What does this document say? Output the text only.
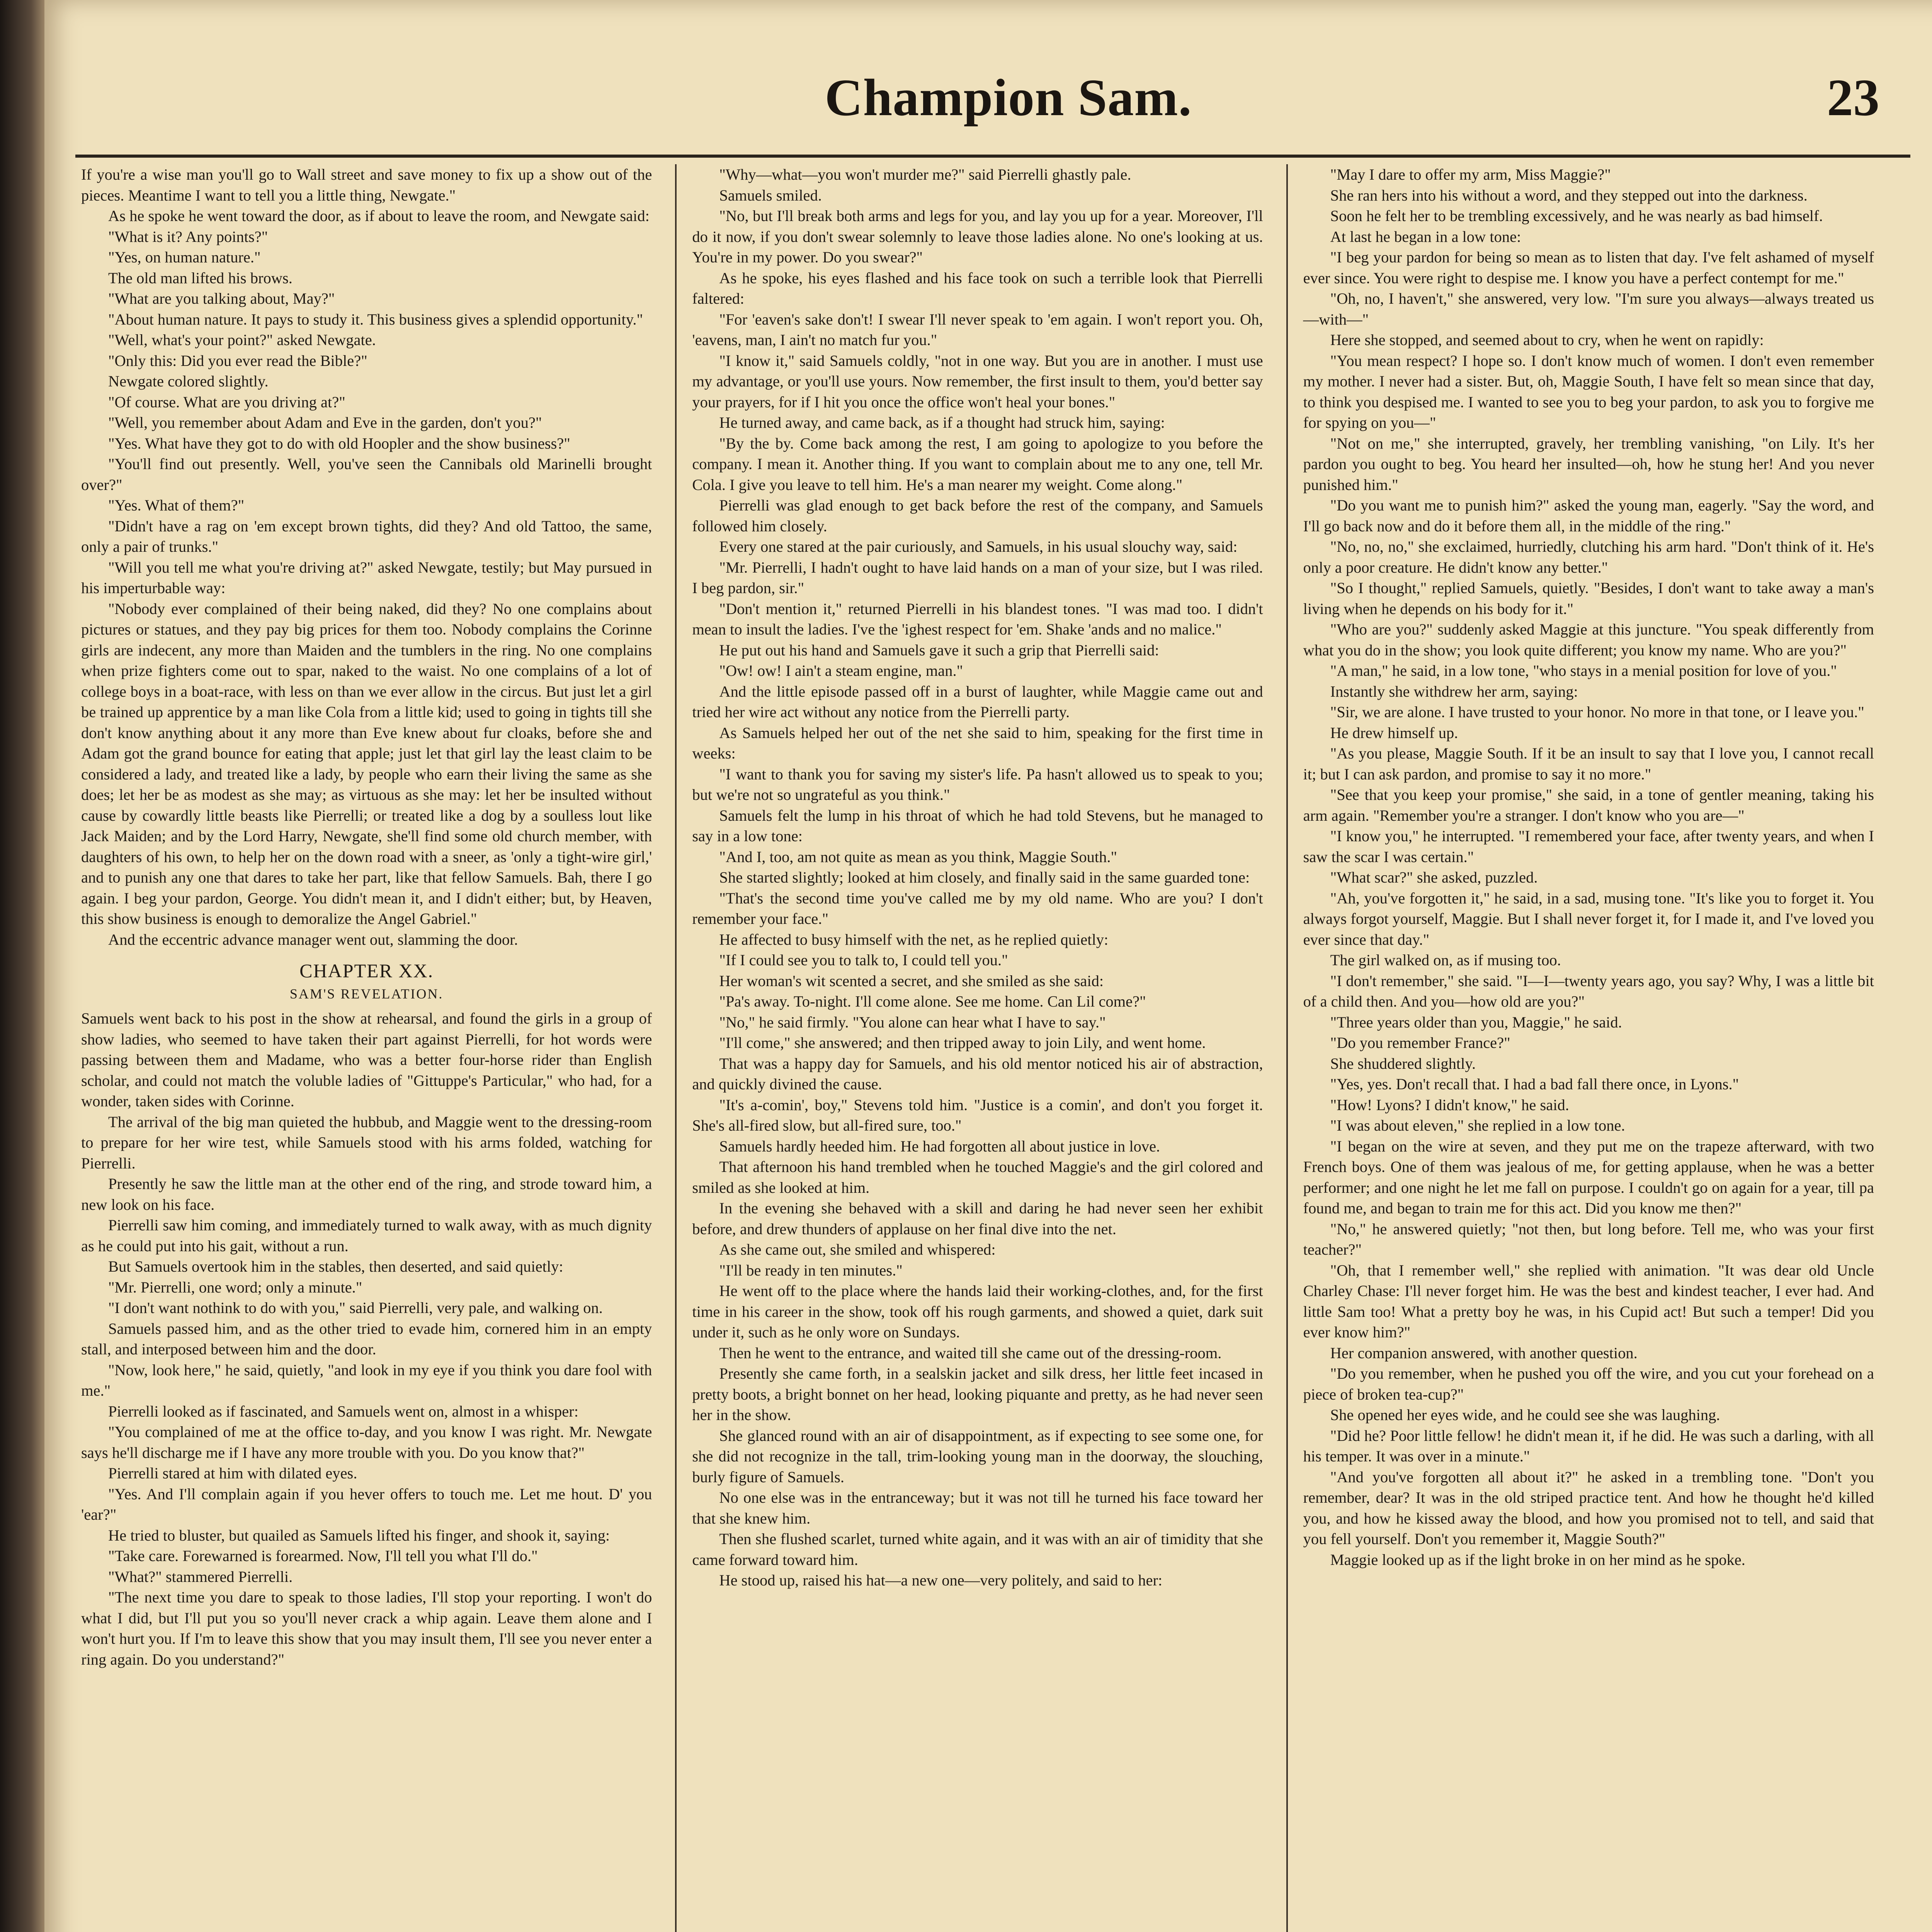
Champion Sam.	23

If you're a wise man you'll go to Wall street and save money to fix up a show out of the pieces. Meantime I want to tell you a little thing, Newgate."

As he spoke he went toward the door, as if about to leave the room, and Newgate said:

"What is it? Any points?"

"Yes, on human nature."

The old man lifted his brows.

"What are you talking about, May?"

"About human nature. It pays to study it. This business gives a splendid opportunity."

"Well, what's your point?" asked Newgate.

"Only this: Did you ever read the Bible?"

Newgate colored slightly.

"Of course. What are you driving at?"

"Well, you remember about Adam and Eve in the garden, don't you?"

"Yes. What have they got to do with old Hoopler and the show business?"

"You'll find out presently. Well, you've seen the Cannibals old Marinelli brought over?"

"Yes. What of them?"

"Didn't have a rag on 'em except brown tights, did they? And old Tattoo, the same, only a pair of trunks."

"Will you tell me what you're driving at?" asked Newgate, testily; but May pursued in his imperturbable way:

"Nobody ever complained of their being naked, did they? No one complains about pictures or statues, and they pay big prices for them too. Nobody complains the Corinne girls are indecent, any more than Maiden and the tumblers in the ring. No one complains when prize fighters come out to spar, naked to the waist. No one complains of a lot of college boys in a boat-race, with less on than we ever allow in the circus. But just let a girl be trained up apprentice by a man like Cola from a little kid; used to going in tights till she don't know anything about it any more than Eve knew about fur cloaks, before she and Adam got the grand bounce for eating that apple; just let that girl lay the least claim to be considered a lady, and treated like a lady, by people who earn their living the same as she does; let her be as modest as she may; as virtuous as she may: let her be insulted without cause by cowardly little beasts like Pierrelli; or treated like a dog by a soulless lout like Jack Maiden; and by the Lord Harry, Newgate, she'll find some old church member, with daughters of his own, to help her on the down road with a sneer, as 'only a tight-wire girl,' and to punish any one that dares to take her part, like that fellow Samuels. Bah, there I go again. I beg your pardon, George. You didn't mean it, and I didn't either; but, by Heaven, this show business is enough to demoralize the Angel Gabriel."

And the eccentric advance manager went out, slamming the door.

CHAPTER XX.
SAM'S REVELATION.

Samuels went back to his post in the show at rehearsal, and found the girls in a group of show ladies, who seemed to have taken their part against Pierrelli, for hot words were passing between them and Madame, who was a better four-horse rider than English scholar, and could not match the voluble ladies of "Gittuppe's Particular," who had, for a wonder, taken sides with Corinne.

The arrival of the big man quieted the hubbub, and Maggie went to the dressing-room to prepare for her wire test, while Samuels stood with his arms folded, watching for Pierrelli.

Presently he saw the little man at the other end of the ring, and strode toward him, a new look on his face.

Pierrelli saw him coming, and immediately turned to walk away, with as much dignity as he could put into his gait, without a run.

But Samuels overtook him in the stables, then deserted, and said quietly:

"Mr. Pierrelli, one word; only a minute."

"I don't want nothink to do with you," said Pierrelli, very pale, and walking on.

Samuels passed him, and as the other tried to evade him, cornered him in an empty stall, and interposed between him and the door.

"Now, look here," he said, quietly, "and look in my eye if you think you dare fool with me."

Pierrelli looked as if fascinated, and Samuels went on, almost in a whisper:

"You complained of me at the office to-day, and you know I was right. Mr. Newgate says he'll discharge me if I have any more trouble with you. Do you know that?"

Pierrelli stared at him with dilated eyes.

"Yes. And I'll complain again if you hever offers to touch me. Let me hout. D' you 'ear?"

He tried to bluster, but quailed as Samuels lifted his finger, and shook it, saying:

"Take care. Forewarned is forearmed. Now, I'll tell you what I'll do."

"What?" stammered Pierrelli.

"The next time you dare to speak to those ladies, I'll stop your reporting. I won't do what I did, but I'll put you so you'll never crack a whip again. Leave them alone and I won't hurt you. If I'm to leave this show that you may insult them, I'll see you never enter a ring again. Do you understand?"

"Why—what—you won't murder me?" said Pierrelli ghastly pale.

Samuels smiled.

"No, but I'll break both arms and legs for you, and lay you up for a year. Moreover, I'll do it now, if you don't swear solemnly to leave those ladies alone. No one's looking at us. You're in my power. Do you swear?"

As he spoke, his eyes flashed and his face took on such a terrible look that Pierrelli faltered:

"For 'eaven's sake don't! I swear I'll never speak to 'em again. I won't report you. Oh, 'eavens, man, I ain't no match fur you."

"I know it," said Samuels coldly, "not in one way. But you are in another. I must use my advantage, or you'll use yours. Now remember, the first insult to them, you'd better say your prayers, for if I hit you once the office won't heal your bones."

He turned away, and came back, as if a thought had struck him, saying:

"By the by. Come back among the rest, I am going to apologize to you before the company. I mean it. Another thing. If you want to complain about me to any one, tell Mr. Cola. I give you leave to tell him. He's a man nearer my weight. Come along."

Pierrelli was glad enough to get back before the rest of the company, and Samuels followed him closely.

Every one stared at the pair curiously, and Samuels, in his usual slouchy way, said:

"Mr. Pierrelli, I hadn't ought to have laid hands on a man of your size, but I was riled. I beg pardon, sir."

"Don't mention it," returned Pierrelli in his blandest tones. "I was mad too. I didn't mean to insult the ladies. I've the 'ighest respect for 'em. Shake 'ands and no malice."

He put out his hand and Samuels gave it such a grip that Pierrelli said:

"Ow! ow! I ain't a steam engine, man."

And the little episode passed off in a burst of laughter, while Maggie came out and tried her wire act without any notice from the Pierrelli party.

As Samuels helped her out of the net she said to him, speaking for the first time in weeks:

"I want to thank you for saving my sister's life. Pa hasn't allowed us to speak to you; but we're not so ungrateful as you think."

Samuels felt the lump in his throat of which he had told Stevens, but he managed to say in a low tone:

"And I, too, am not quite as mean as you think, Maggie South."

She started slightly; looked at him closely, and finally said in the same guarded tone:

"That's the second time you've called me by my old name. Who are you? I don't remember your face."

He affected to busy himself with the net, as he replied quietly:

"If I could see you to talk to, I could tell you."

Her woman's wit scented a secret, and she smiled as she said:

"Pa's away. To-night. I'll come alone. See me home. Can Lil come?"

"No," he said firmly. "You alone can hear what I have to say."

"I'll come," she answered; and then tripped away to join Lily, and went home.

That was a happy day for Samuels, and his old mentor noticed his air of abstraction, and quickly divined the cause.

"It's a-comin', boy," Stevens told him. "Justice is a comin', and don't you forget it. She's all-fired slow, but all-fired sure, too."

Samuels hardly heeded him. He had forgotten all about justice in love.

That afternoon his hand trembled when he touched Maggie's and the girl colored and smiled as she looked at him.

In the evening she behaved with a skill and daring he had never seen her exhibit before, and drew thunders of applause on her final dive into the net.

As she came out, she smiled and whispered:

"I'll be ready in ten minutes."

He went off to the place where the hands laid their working-clothes, and, for the first time in his career in the show, took off his rough garments, and showed a quiet, dark suit under it, such as he only wore on Sundays.

Then he went to the entrance, and waited till she came out of the dressing-room.

Presently she came forth, in a sealskin jacket and silk dress, her little feet incased in pretty boots, a bright bonnet on her head, looking piquante and pretty, as he had never seen her in the show.

She glanced round with an air of disappointment, as if expecting to see some one, for she did not recognize in the tall, trim-looking young man in the doorway, the slouching, burly figure of Samuels.

No one else was in the entranceway; but it was not till he turned his face toward her that she knew him.

Then she flushed scarlet, turned white again, and it was with an air of timidity that she came forward toward him.

He stood up, raised his hat—a new one—very politely, and said to her:

"May I dare to offer my arm, Miss Maggie?"

She ran hers into his without a word, and they stepped out into the darkness.

Soon he felt her to be trembling excessively, and he was nearly as bad himself.

At last he began in a low tone:

"I beg your pardon for being so mean as to listen that day. I've felt ashamed of myself ever since. You were right to despise me. I know you have a perfect contempt for me."

"Oh, no, I haven't," she answered, very low. "I'm sure you always—always treated us—with—"

Here she stopped, and seemed about to cry, when he went on rapidly:

"You mean respect? I hope so. I don't know much of women. I don't even remember my mother. I never had a sister. But, oh, Maggie South, I have felt so mean since that day, to think you despised me. I wanted to see you to beg your pardon, to ask you to forgive me for spying on you—"

"Not on me," she interrupted, gravely, her trembling vanishing, "on Lily. It's her pardon you ought to beg. You heard her insulted—oh, how he stung her! And you never punished him."

"Do you want me to punish him?" asked the young man, eagerly. "Say the word, and I'll go back now and do it before them all, in the middle of the ring."

"No, no, no," she exclaimed, hurriedly, clutching his arm hard. "Don't think of it. He's only a poor creature. He didn't know any better."

"So I thought," replied Samuels, quietly. "Besides, I don't want to take away a man's living when he depends on his body for it."

"Who are you?" suddenly asked Maggie at this juncture. "You speak differently from what you do in the show; you look quite different; you know my name. Who are you?"

"A man," he said, in a low tone, "who stays in a menial position for love of you."

Instantly she withdrew her arm, saying:

"Sir, we are alone. I have trusted to your honor. No more in that tone, or I leave you."

He drew himself up.

"As you please, Maggie South. If it be an insult to say that I love you, I cannot recall it; but I can ask pardon, and promise to say it no more."

"See that you keep your promise," she said, in a tone of gentler meaning, taking his arm again. "Remember you're a stranger. I don't know who you are—"

"I know you," he interrupted. "I remembered your face, after twenty years, and when I saw the scar I was certain."

"What scar?" she asked, puzzled.

"Ah, you've forgotten it," he said, in a sad, musing tone. "It's like you to forget it. You always forgot yourself, Maggie. But I shall never forget it, for I made it, and I've loved you ever since that day."

The girl walked on, as if musing too.

"I don't remember," she said. "I—I—twenty years ago, you say? Why, I was a little bit of a child then. And you—how old are you?"

"Three years older than you, Maggie," he said.

"Do you remember France?"

She shuddered slightly.

"Yes, yes. Don't recall that. I had a bad fall there once, in Lyons."

"How! Lyons? I didn't know," he said.

"I was about eleven," she replied in a low tone.

"I began on the wire at seven, and they put me on the trapeze afterward, with two French boys. One of them was jealous of me, for getting applause, when he was a better performer; and one night he let me fall on purpose. I couldn't go on again for a year, till pa found me, and began to train me for this act. Did you know me then?"

"No," he answered quietly; "not then, but long before. Tell me, who was your first teacher?"

"Oh, that I remember well," she replied with animation. "It was dear old Uncle Charley Chase: I'll never forget him. He was the best and kindest teacher, I ever had. And little Sam too! What a pretty boy he was, in his Cupid act! But such a temper! Did you ever know him?"

Her companion answered, with another question.

"Do you remember, when he pushed you off the wire, and you cut your forehead on a piece of broken tea-cup?"

She opened her eyes wide, and he could see she was laughing.

"Did he? Poor little fellow! he didn't mean it, if he did. He was such a darling, with all his temper. It was over in a minute."

"And you've forgotten all about it?" he asked in a trembling tone. "Don't you remember, dear? It was in the old striped practice tent. And how he thought he'd killed you, and how he kissed away the blood, and how you promised not to tell, and said that you fell yourself. Don't you remember it, Maggie South?"

Maggie looked up as if the light broke in on her mind as he spoke.
